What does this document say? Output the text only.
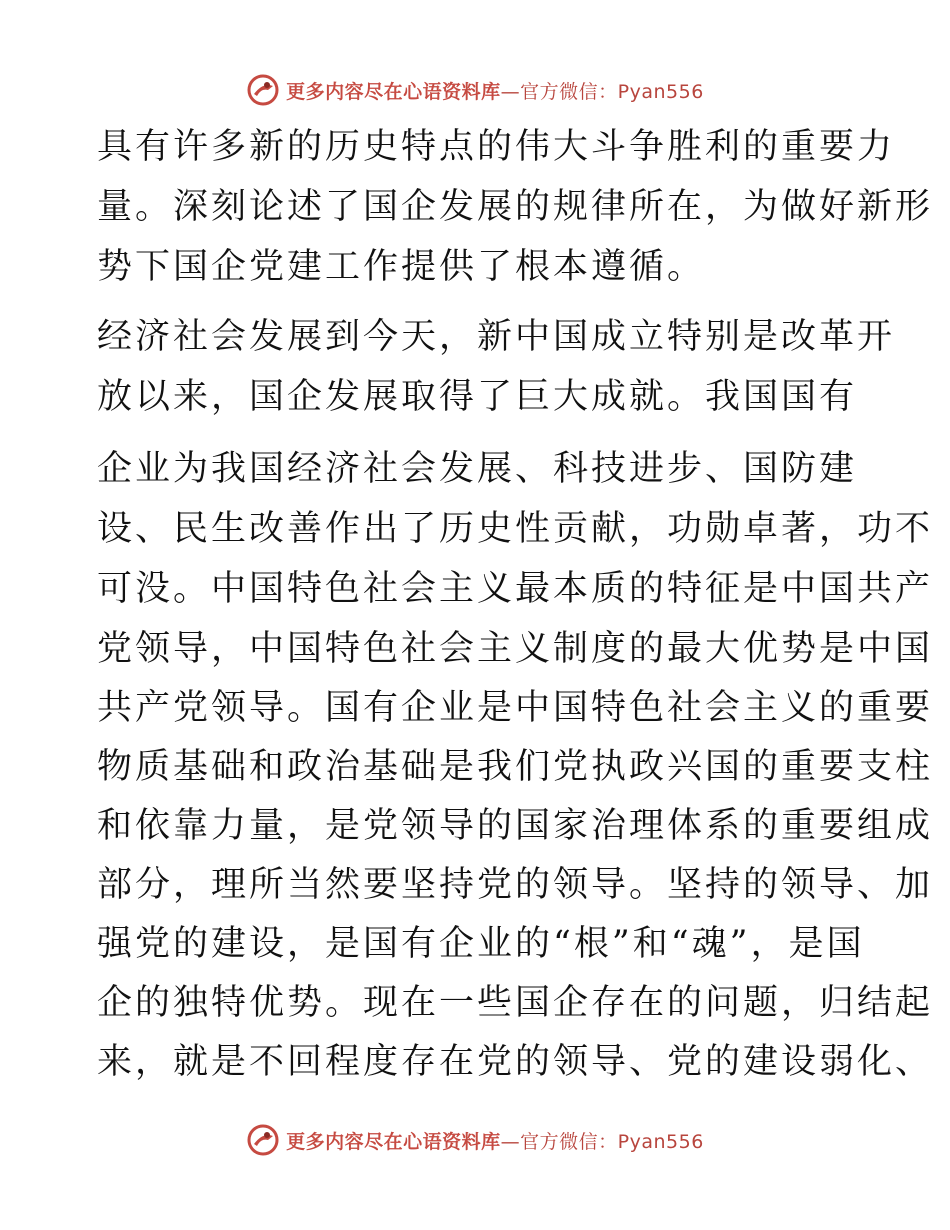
更多内容尽在心语资料库—官方微信：Pyan556
具有许多新的历史特点的伟大斗争胜利的重要力
量。深刻论述了国企发展的规律所在，为做好新形
势下国企党建工作提供了根本遵循。
经济社会发展到今天，新中国成立特别是改革开
放以来，国企发展取得了巨大成就。我国国有
企业为我国经济社会发展、科技进步、国防建
设、民生改善作出了历史性贡献，功勋卓著，功不
可没。中国特色社会主义最本质的特征是中国共产
党领导，中国特色社会主义制度的最大优势是中国
共产党领导。国有企业是中国特色社会主义的重要
物质基础和政治基础是我们党执政兴国的重要支柱
和依靠力量，是党领导的国家治理体系的重要组成
部分，理所当然要坚持党的领导。坚持的领导、加
强党的建设，是国有企业的“根”和“魂”，是国
企的独特优势。现在一些国企存在的问题，归结起
来，就是不回程度存在党的领导、党的建设弱化、
更多内容尽在心语资料库—官方微信：Pyan556
